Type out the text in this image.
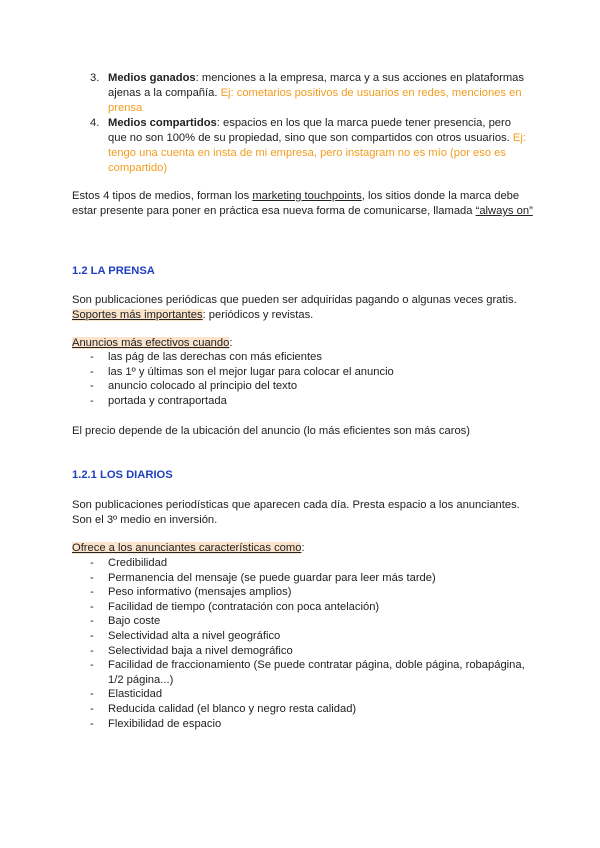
3. Medios ganados: menciones a la empresa, marca y a sus acciones en plataformas ajenas a la compañía. Ej: cometarios positivos de usuarios en redes, menciones en prensa
4. Medios compartidos: espacios en los que la marca puede tener presencia, pero que no son 100% de su propiedad, sino que son compartidos con otros usuarios. Ej: tengo una cuenta en insta de mi empresa, pero instagram no es mío (por eso es compartido)
Estos 4 tipos de medios, forman los marketing touchpoints, los sitios donde la marca debe estar presente para poner en práctica esa nueva forma de comunicarse, llamada “always on”
1.2 LA PRENSA
Son publicaciones periódicas que pueden ser adquiridas pagando o algunas veces gratis.
Soportes más importantes: periódicos y revistas.
Anuncios más efectivos cuando:
- las pág de las derechas con más eficientes
- las 1º y últimas son el mejor lugar para colocar el anuncio
- anuncio colocado al principio del texto
- portada y contraportada
El precio depende de la ubicación del anuncio (lo más eficientes son más caros)
1.2.1 LOS DIARIOS
Son publicaciones periodísticas que aparecen cada día. Presta espacio a los anunciantes. Son el 3º medio en inversión.
Ofrece a los anunciantes características como:
- Credibilidad
- Permanencia del mensaje (se puede guardar para leer más tarde)
- Peso informativo (mensajes amplios)
- Facilidad de tiempo (contratación con poca antelación)
- Bajo coste
- Selectividad alta a nivel geográfico
- Selectividad baja a nivel demográfico
- Facilidad de fraccionamiento (Se puede contratar página, doble página, robapágina, 1/2 página...)
- Elasticidad
- Reducida calidad (el blanco y negro resta calidad)
- Flexibilidad de espacio
